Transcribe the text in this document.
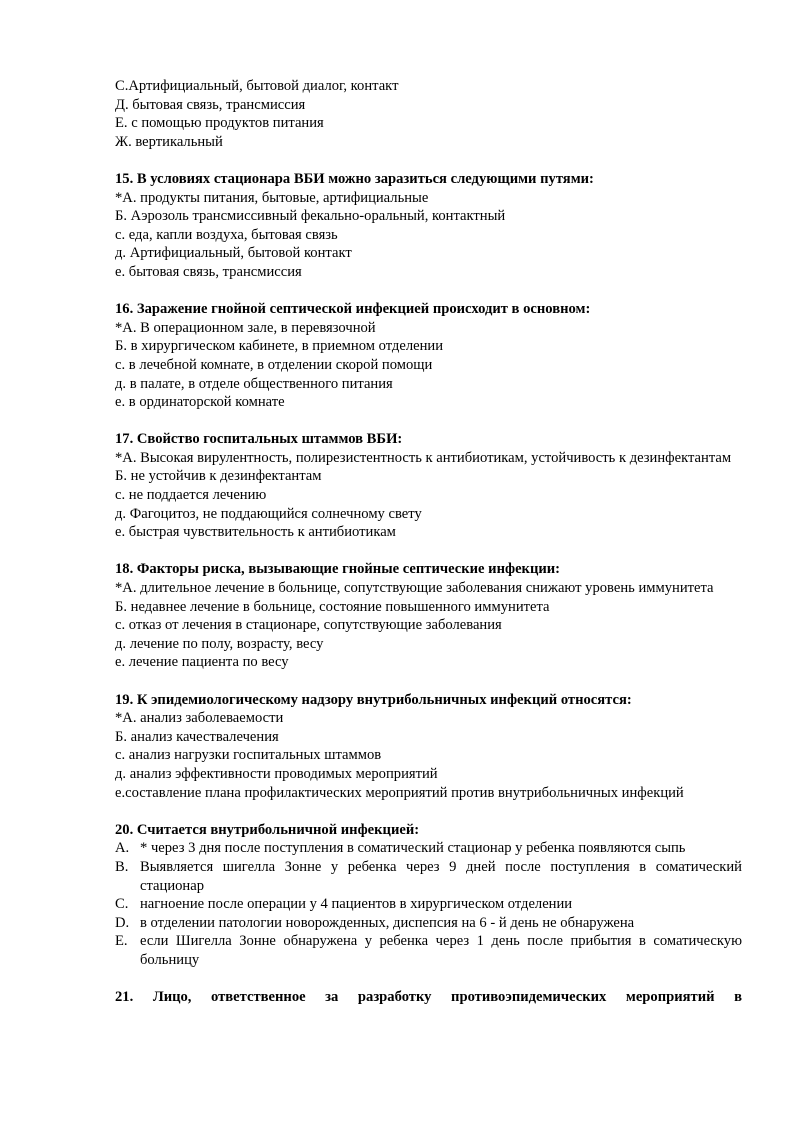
С.Артифициальный, бытовой диалог, контакт

Д. бытовая связь, трансмиссия

Е. с помощью продуктов питания

Ж. вертикальный

15. В условиях стационара ВБИ можно заразиться следующими путями:

*А. продукты питания, бытовые, артифициальные

Б. Аэрозоль трансмиссивный фекально-оральный, контактный

с. еда, капли воздуха, бытовая связь

д. Артифициальный, бытовой контакт

е. бытовая связь, трансмиссия

16. Заражение гнойной септической инфекцией происходит в основном:

*А. В операционном зале, в перевязочной

Б. в хирургическом кабинете, в приемном отделении

с. в лечебной комнате, в отделении скорой помощи

д. в палате, в отделе общественного питания

е. в ординаторской комнате

17. Свойство госпитальных штаммов ВБИ:

*А. Высокая вирулентность, полирезистентность к антибиотикам, устойчивость к дезинфектантам

Б. не устойчив к дезинфектантам

с. не поддается лечению

д. Фагоцитоз, не поддающийся солнечному свету

е. быстрая чувствительность к антибиотикам

18. Факторы риска, вызывающие гнойные септические инфекции:

*А. длительное лечение в больнице, сопутствующие заболевания снижают уровень иммунитета

Б. недавнее лечение в больнице, состояние повышенного иммунитета

с. отказ от лечения в стационаре, сопутствующие заболевания

д. лечение по полу, возрасту, весу

е. лечение пациента по весу

19. К эпидемиологическому надзору внутрибольничных инфекций относятся:

*А. анализ заболеваемости

Б. анализ качествалечения

с. анализ нагрузки госпитальных штаммов

д. анализ эффективности проводимых мероприятий

е.составление плана профилактических мероприятий против внутрибольничных инфекций

20. Считается внутрибольничной инфекцией:

A. * через 3 дня после поступления в соматический стационар у ребенка появляются сыпь
B. Выявляется шигелла Зонне у ребенка через 9 дней после поступления в соматический стационар
C. нагноение после операции у 4 пациентов в хирургическом отделении
D. в отделении патологии новорожденных, диспепсия на 6 - й день не обнаружена
E. если Шигелла Зонне обнаружена у ребенка через 1 день после прибытия в соматическую больницу

21. Лицо, ответственное за разработку противоэпидемических мероприятий в
